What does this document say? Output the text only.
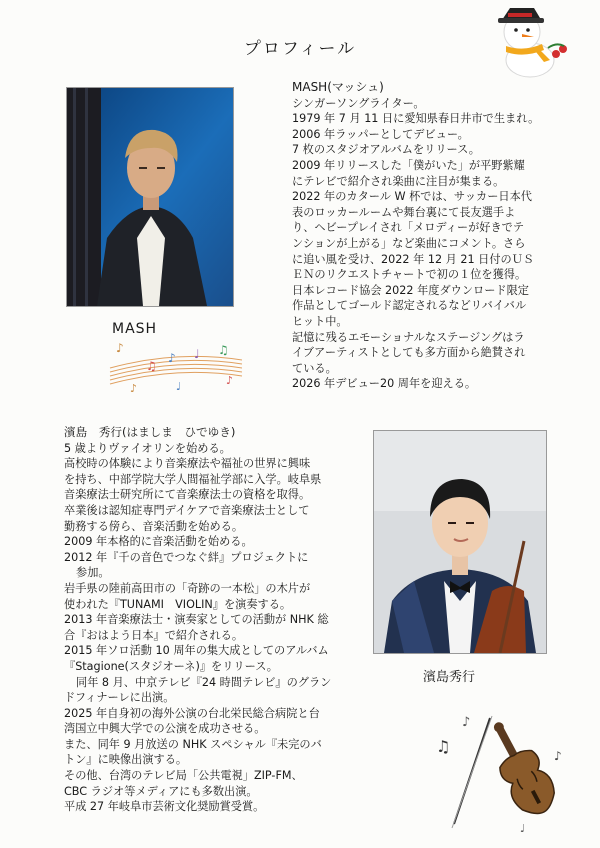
プロフィール
MASH
♪
♫
♪ ♩ ♫
♪	♩	♪

MASH(マッシュ)

シンガーソングライター。

1979 年 7 月 11 日に愛知県春日井市で生まれ。

2006 年ラッパーとしてデビュー。

7 枚のスタジオアルバムをリリース。

2009 年リリースした「僕がいた」が平野紫耀

にテレビで紹介され楽曲に注目が集まる。

2022 年のカタール W 杯では、サッカー日本代

表のロッカールームや舞台裏にて長友選手よ

り、ヘビープレイされ「メロディーが好きでテ

ンションが上がる」など楽曲にコメント。さら

に追い風を受け、2022 年 12 月 21 日付のＵＳ

ＥＮのリクエストチャートで初の１位を獲得。

日本レコード協会 2022 年度ダウンロード限定

作品としてゴールド認定されるなどリバイバル

ヒット中。

記憶に残るエモーショナルなステージングはラ

イブアーティストとしても多方面から絶賛され

ている。

2026 年デビュー20 周年を迎える。

濱島　秀行(はましま　ひでゆき)

5 歳よりヴァイオリンを始める。

高校時の体験により音楽療法や福祉の世界に興味

を持ち、中部学院大学人間福祉学部に入学。岐阜県

音楽療法士研究所にて音楽療法士の資格を取得。

卒業後は認知症専門デイケアで音楽療法士として

勤務する傍ら、音楽活動を始める。

2009 年本格的に音楽活動を始める。

2012 年『千の音色でつなぐ絆』プロジェクトに

参加。

岩手県の陸前高田市の「奇跡の一本松」の木片が

使われた『TUNAMI　VIOLIN』を演奏する。

2013 年音楽療法士・演奏家としての活動が NHK 総

合『おはよう日本』で紹介される。

2015 年ソロ活動 10 周年の集大成としてのアルバム

『Stagione(スタジオーネ)』をリリース。

同年 8 月、中京テレビ『24 時間テレビ』のグラン

ドフィナーレに出演。

2025 年自身初の海外公演の台北栄民総合病院と台

湾国立中興大学での公演を成功させる。

また、同年 9 月放送の NHK スペシャル『未完のバ

トン』に映像出演する。

その他、台湾のテレビ局「公共電視」ZIP-FM、

CBC ラジオ等メディアにも多数出演。

平成 27 年岐阜市芸術文化奨励賞受賞。

濱島秀行
♫
♪
♪
♩
